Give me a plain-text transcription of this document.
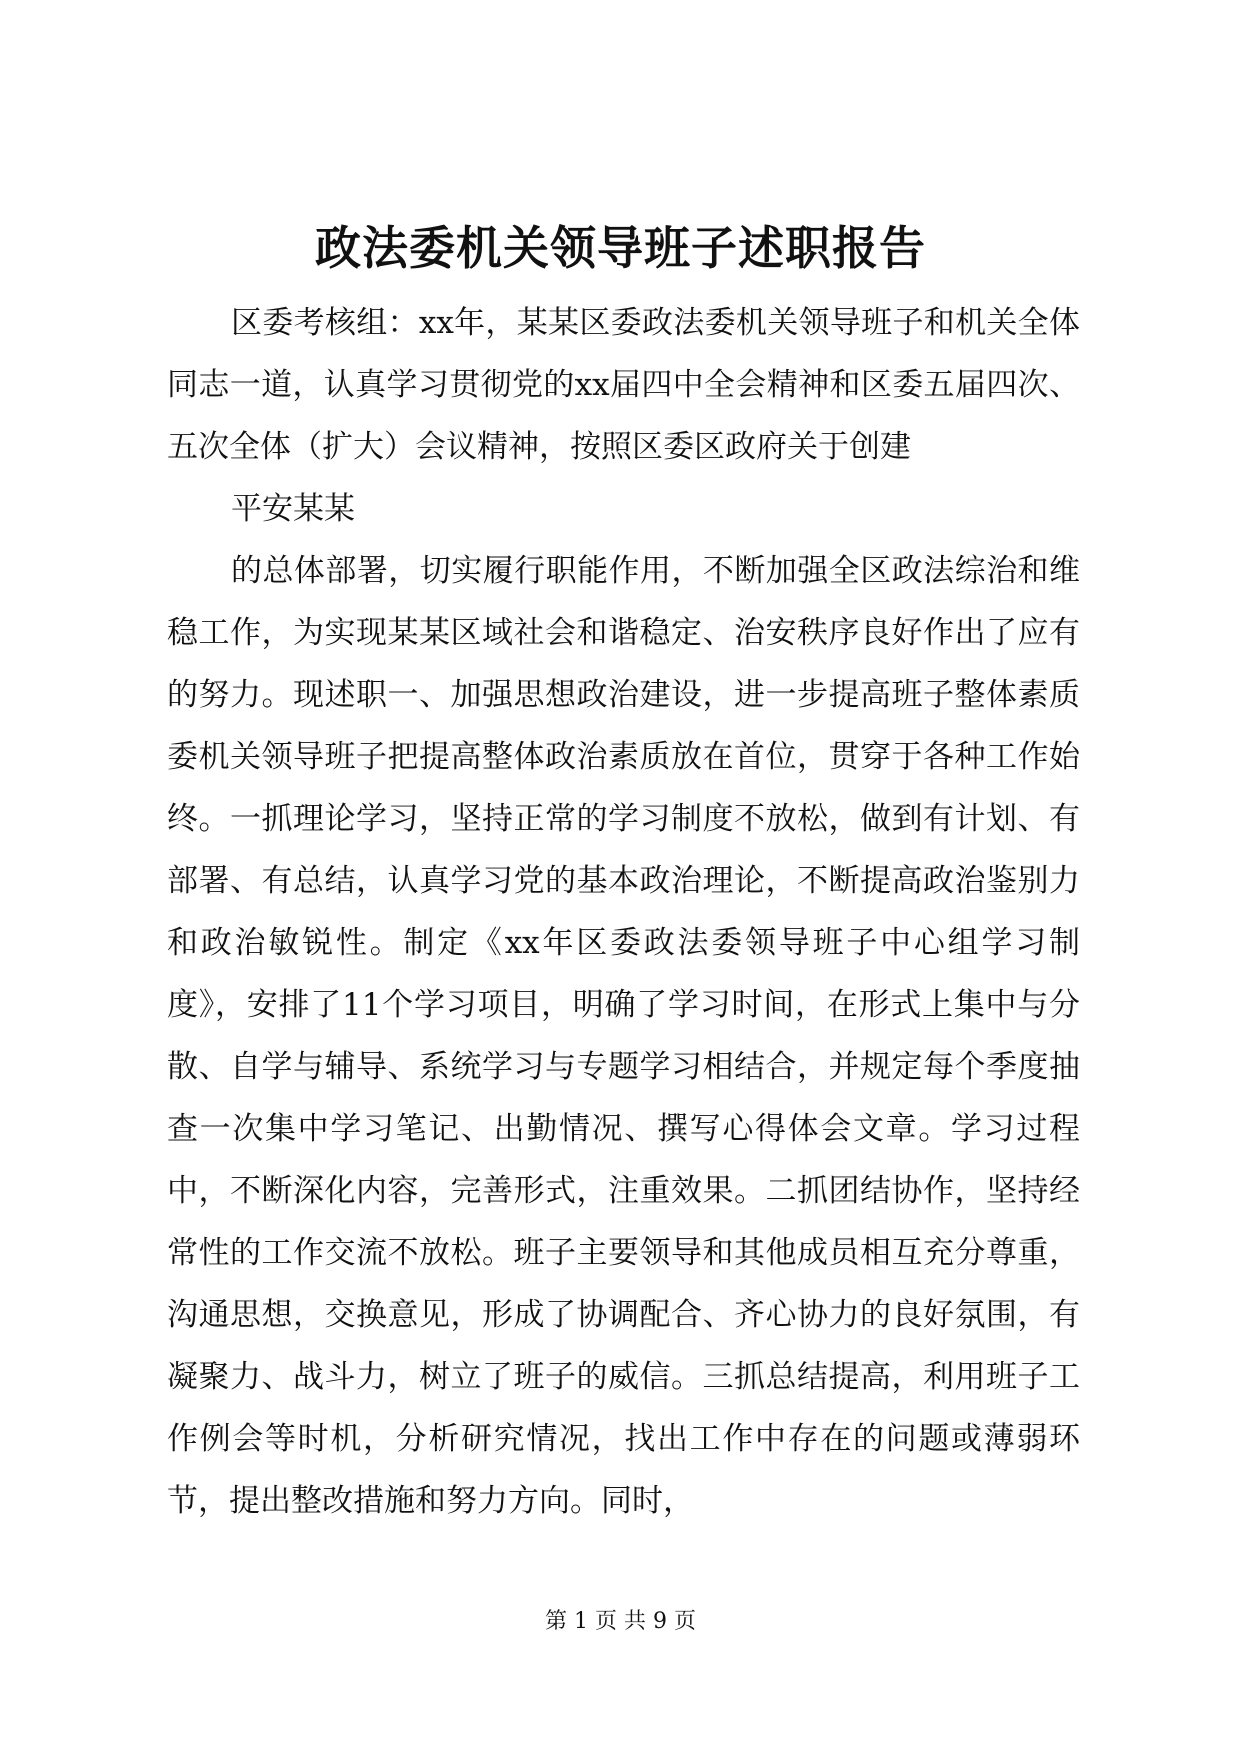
政法委机关领导班子述职报告

区委考核组：xx年，某某区委政法委机关领导班子和机关全体同志一道，认真学习贯彻党的xx届四中全会精神和区委五届四次、五次全体（扩大）会议精神，按照区委区政府关于创建

平安某某

的总体部署，切实履行职能作用，不断加强全区政法综治和维稳工作，为实现某某区域社会和谐稳定、治安秩序良好作出了应有的努力。现述职一、加强思想政治建设，进一步提高班子整体素质委机关领导班子把提高整体政治素质放在首位，贯穿于各种工作始终。一抓理论学习，坚持正常的学习制度不放松，做到有计划、有部署、有总结，认真学习党的基本政治理论，不断提高政治鉴别力和政治敏锐性。制定《xx年区委政法委领导班子中心组学习制度》，安排了11个学习项目，明确了学习时间，在形式上集中与分散、自学与辅导、系统学习与专题学习相结合，并规定每个季度抽查一次集中学习笔记、出勤情况、撰写心得体会文章。学习过程中，不断深化内容，完善形式，注重效果。二抓团结协作，坚持经常性的工作交流不放松。班子主要领导和其他成员相互充分尊重，沟通思想，交换意见，形成了协调配合、齐心协力的良好氛围，有凝聚力、战斗力，树立了班子的威信。三抓总结提高，利用班子工作例会等时机，分析研究情况，找出工作中存在的问题或薄弱环节，提出整改措施和努力方向。同时，

第 1 页 共 9 页
